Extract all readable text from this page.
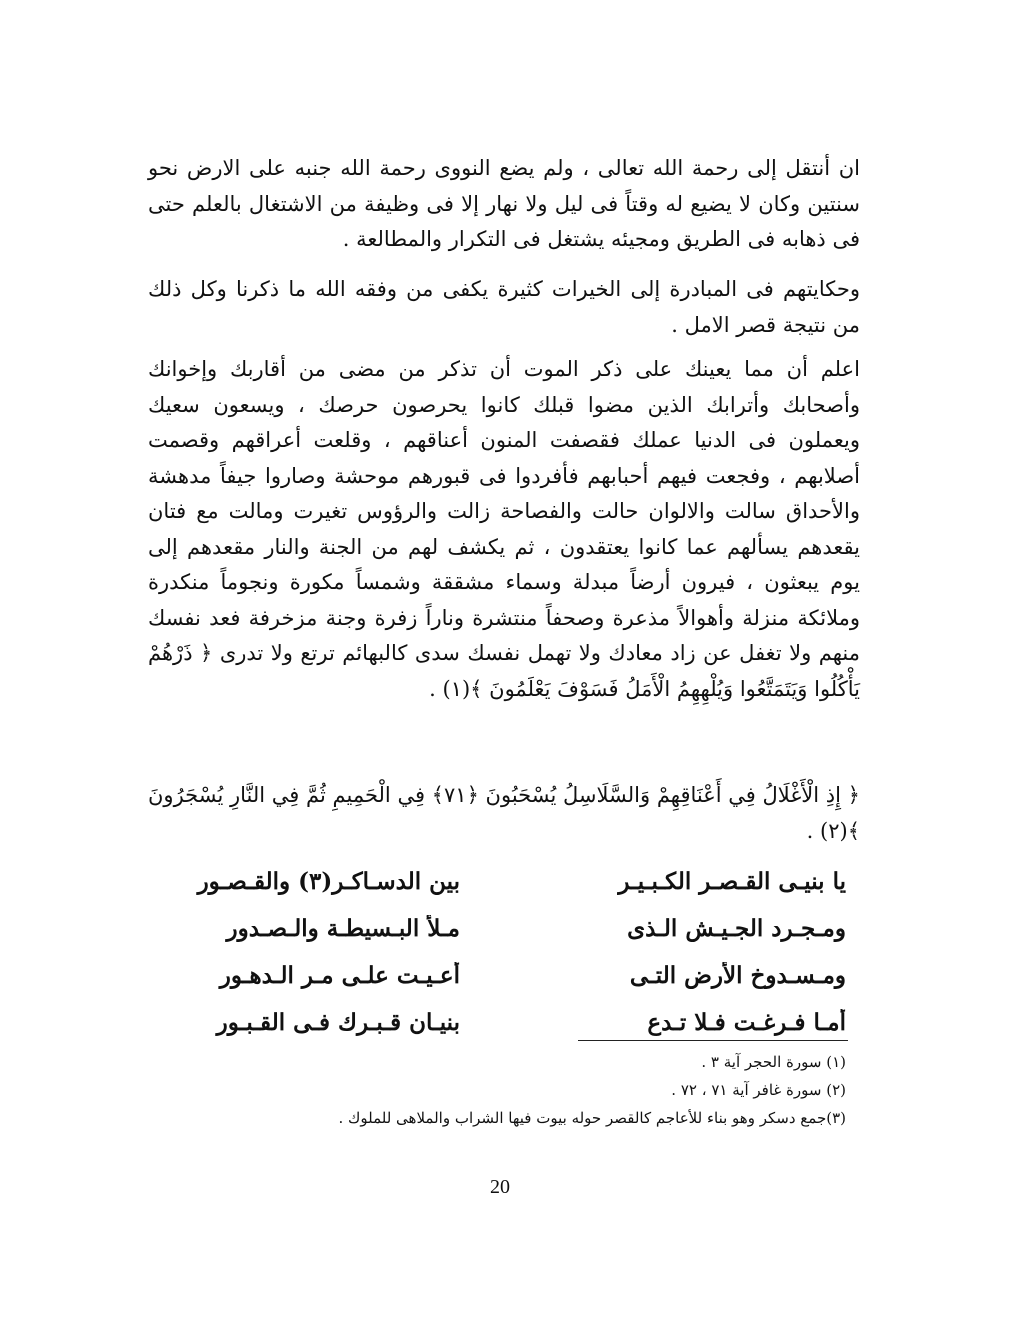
ان أنتقل إلى رحمة الله تعالى ، ولم يضع النووى رحمة الله جنبه على الارض نحو سنتين وكان لا يضيع له وقتاً فى ليل ولا نهار إلا فى وظيفة من الاشتغال بالعلم حتى فى ذهابه فى الطريق ومجيئه يشتغل فى التكرار والمطالعة .

وحكايتهم فى المبادرة إلى الخيرات كثيرة يكفى من وفقه الله ما ذكرنا وكل ذلك من نتيجة قصر الامل .

اعلم أن مما يعينك على ذكر الموت أن تذكر من مضى من أقاربك وإخوانك وأصحابك وأترابك الذين مضوا قبلك كانوا يحرصون حرصك ، ويسعون سعيك ويعملون فى الدنيا عملك فقصفت المنون أعناقهم ، وقلعت أعراقهم وقصمت أصلابهم ، وفجعت فيهم أحبابهم فأفردوا فى قبورهم موحشة وصاروا جيفاً مدهشة والأحداق سالت والالوان حالت والفصاحة زالت والرؤوس تغيرت ومالت مع فتان يقعدهم يسألهم عما كانوا يعتقدون ، ثم يكشف لهم من الجنة والنار مقعدهم إلى يوم يبعثون ، فيرون أرضاً مبدلة وسماء مشققة وشمساً مكورة ونجوماً منكدرة وملائكة منزلة وأهوالاً مذعرة وصحفاً منتشرة وناراً زفرة وجنة مزخرفة فعد نفسك منهم ولا تغفل عن زاد معادك ولا تهمل نفسك سدى كالبهائم ترتع ولا تدرى ﴿ ذَرْهُمْ يَأْكُلُوا وَيَتَمَتَّعُوا وَيُلْهِهِمُ الْأَمَلُ فَسَوْفَ يَعْلَمُونَ ﴾(١) .

﴿ إِذِ الْأَغْلَالُ فِي أَعْنَاقِهِمْ وَالسَّلَاسِلُ يُسْحَبُونَ ﴿٧١﴾ فِي الْحَمِيمِ ثُمَّ فِي النَّارِ يُسْجَرُونَ ﴾(٢) .

يا بنيـى القـصـر الكـبـيـر
بين الدسـاكـر(٣) والقـصـور
ومـجـرد الجـيـش الـذى
مـلأ البـسيطـة والـصـدور
ومـسـدوخ الأرض التـى
أعـيـت علـى مـر الـدهـور
أمـا فـرغـت فـلا تـدع
بنيـان قـبـرك فـى القـبـور
(١) سورة الحجر آية ٣ .
(٢) سورة غافر آية ٧١ ، ٧٢ .
(٣)جمع دسكر وهو بناء للأعاجم كالقصر حوله بيوت فيها الشراب والملاهى للملوك .
20
